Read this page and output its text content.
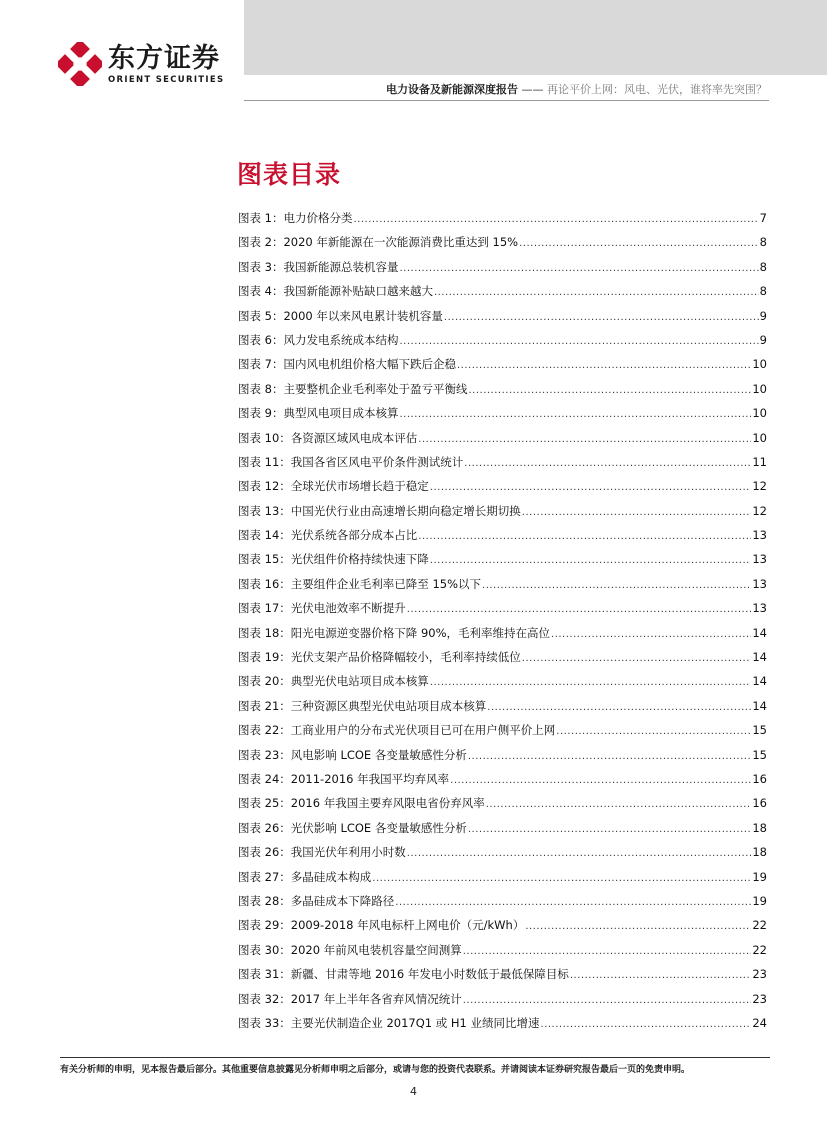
东方证券
ORIENT SECURITIES
电力设备及新能源深度报告 —— 再论平价上网：风电、光伏，谁将率先突围？
图表目录
图表 1：电力价格分类 .....	7
图表 2：2020 年新能源在一次能源消费比重达到 15% .....	8
图表 3：我国新能源总装机容量 .....	8
图表 4：我国新能源补贴缺口越来越大 .....	8
图表 5：2000 年以来风电累计装机容量 .....	9
图表 6：风力发电系统成本结构 .....	9
图表 7：国内风电机组价格大幅下跌后企稳 .....	10
图表 8：主要整机企业毛利率处于盈亏平衡线 .....	10
图表 9：典型风电项目成本核算 .....	10
图表 10：各资源区域风电成本评估 .....	10
图表 11：我国各省区风电平价条件测试统计 .....	11
图表 12：全球光伏市场增长趋于稳定 .....	12
图表 13：中国光伏行业由高速增长期向稳定增长期切换 .....	12
图表 14：光伏系统各部分成本占比 .....	13
图表 15：光伏组件价格持续快速下降 .....	13
图表 16：主要组件企业毛利率已降至 15%以下 .....	13
图表 17：光伏电池效率不断提升 .....	13
图表 18：阳光电源逆变器价格下降 90%，毛利率维持在高位 .....	14
图表 19：光伏支架产品价格降幅较小，毛利率持续低位 .....	14
图表 20：典型光伏电站项目成本核算 .....	14
图表 21：三种资源区典型光伏电站项目成本核算 .....	14
图表 22：工商业用户的分布式光伏项目已可在用户侧平价上网 .....	15
图表 23：风电影响 LCOE 各变量敏感性分析 .....	15
图表 24：2011-2016 年我国平均弃风率 .....	16
图表 25：2016 年我国主要弃风限电省份弃风率 .....	16
图表 26：光伏影响 LCOE 各变量敏感性分析 .....	18
图表 26：我国光伏年利用小时数 .....	18
图表 27：多晶硅成本构成 .....	19
图表 28：多晶硅成本下降路径 .....	19
图表 29：2009-2018 年风电标杆上网电价（元/kWh） .....	22
图表 30：2020 年前风电装机容量空间测算 .....	22
图表 31：新疆、甘肃等地 2016 年发电小时数低于最低保障目标 .....	23
图表 32：2017 年上半年各省弃风情况统计 .....	23
图表 33：主要光伏制造企业 2017Q1 或 H1 业绩同比增速 .....	24
有关分析师的申明，见本报告最后部分。其他重要信息披露见分析师申明之后部分，或请与您的投资代表联系。并请阅读本证券研究报告最后一页的免责申明。
4
